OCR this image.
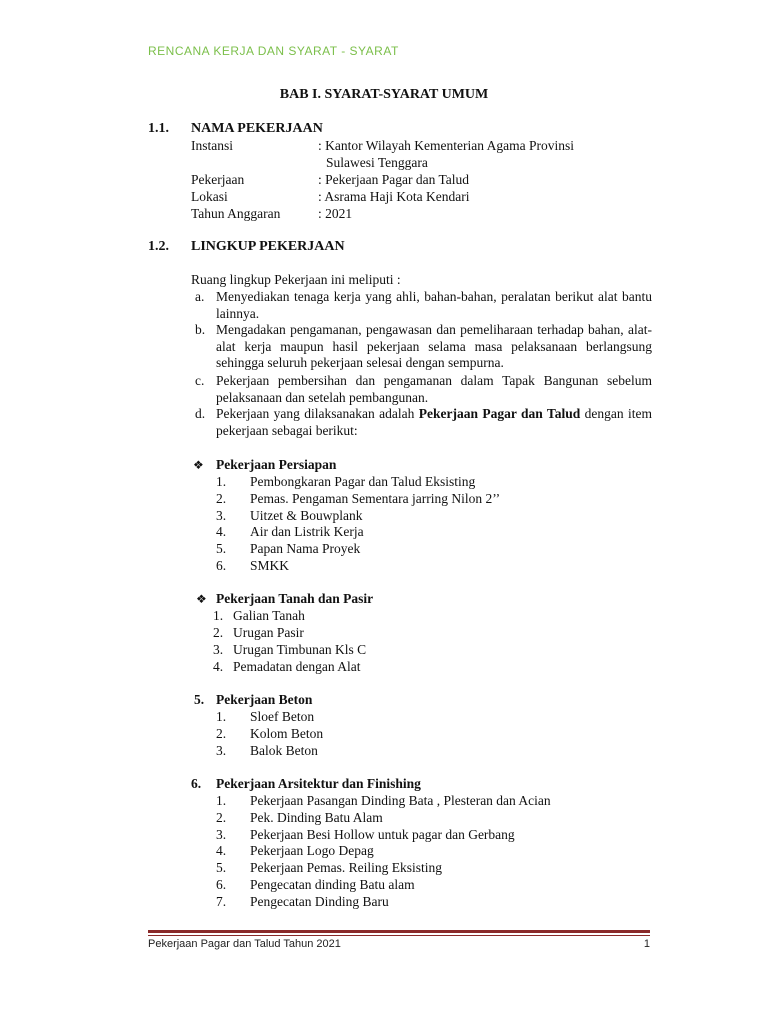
RENCANA KERJA DAN SYARAT - SYARAT
BAB I. SYARAT-SYARAT UMUM
1.1. NAMA PEKERJAAN
Instansi	: Kantor Wilayah Kementerian Agama Provinsi
Sulawesi Tenggara
Pekerjaan	: Pekerjaan Pagar dan Talud
Lokasi	: Asrama Haji Kota Kendari
Tahun Anggaran	: 2021
1.2. LINGKUP PEKERJAAN
Ruang lingkup Pekerjaan ini meliputi :
a. Menyediakan tenaga kerja yang ahli, bahan-bahan, peralatan berikut alat bantu lainnya.
b. Mengadakan pengamanan, pengawasan dan pemeliharaan terhadap bahan, alat-alat kerja maupun hasil pekerjaan selama masa pelaksanaan berlangsung sehingga seluruh pekerjaan selesai dengan sempurna.
c. Pekerjaan pembersihan dan pengamanan dalam Tapak Bangunan sebelum pelaksanaan dan setelah pembangunan.
d. Pekerjaan yang dilaksanakan adalah Pekerjaan Pagar dan Talud dengan item pekerjaan sebagai berikut:
❖ Pekerjaan Persiapan
1. Pembongkaran Pagar dan Talud Eksisting
2. Pemas. Pengaman Sementara jarring Nilon 2’’
3. Uitzet & Bouwplank
4. Air dan Listrik Kerja
5. Papan Nama Proyek
6. SMKK
❖ Pekerjaan Tanah dan Pasir
1. Galian Tanah
2. Urugan Pasir
3. Urugan Timbunan Kls C
4. Pemadatan dengan Alat
5. Pekerjaan Beton
1. Sloef Beton
2. Kolom Beton
3. Balok Beton
6. Pekerjaan Arsitektur dan Finishing
1. Pekerjaan Pasangan Dinding Bata , Plesteran dan Acian
2. Pek. Dinding Batu Alam
3. Pekerjaan Besi Hollow untuk pagar dan Gerbang
4. Pekerjaan Logo Depag
5. Pekerjaan Pemas. Reiling Eksisting
6. Pengecatan dinding Batu alam
7. Pengecatan Dinding Baru
Pekerjaan Pagar dan Talud Tahun 2021	1
